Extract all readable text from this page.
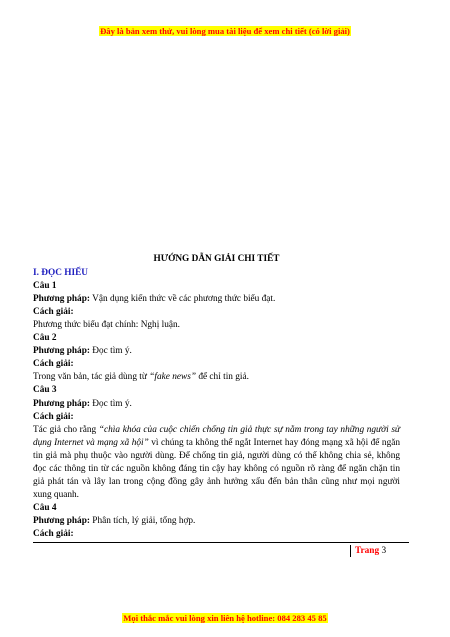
Đây là bản xem thử, vui lòng mua tài liệu để xem chi tiết (có lời giải)

HƯỚNG DẪN GIẢI CHI TIẾT

I. ĐỌC HIỂU

Câu 1

Phương pháp: Vận dụng kiến thức về các phương thức biểu đạt.

Cách giải:

Phương thức biểu đạt chính: Nghị luận.

Câu 2

Phương pháp: Đọc tìm ý.

Cách giải:

Trong văn bản, tác giả dùng từ “fake news” để chỉ tin giả.

Câu 3

Phương pháp: Đọc tìm ý.

Cách giải:

Tác giả cho rằng “chìa khóa của cuộc chiến chống tin giả thực sự nằm trong tay những người sử dụng Internet và mạng xã hội” vì chúng ta không thể ngắt Internet hay đóng mạng xã hội để ngăn tin giả mà phụ thuộc vào người dùng. Để chống tin giả, người dùng có thể không chia sẻ, không đọc các thông tin từ các nguồn không đáng tin cậy hay không có nguồn rõ ràng để ngăn chặn tin giả phát tán và lây lan trong cộng đồng gây ảnh hưởng xấu đến bản thân cũng như mọi người xung quanh.

Câu 4

Phương pháp: Phân tích, lý giải, tổng hợp.

Cách giải:

Trang 3
Mọi thắc mắc vui lòng xin liên hệ hotline: 084 283 45 85
